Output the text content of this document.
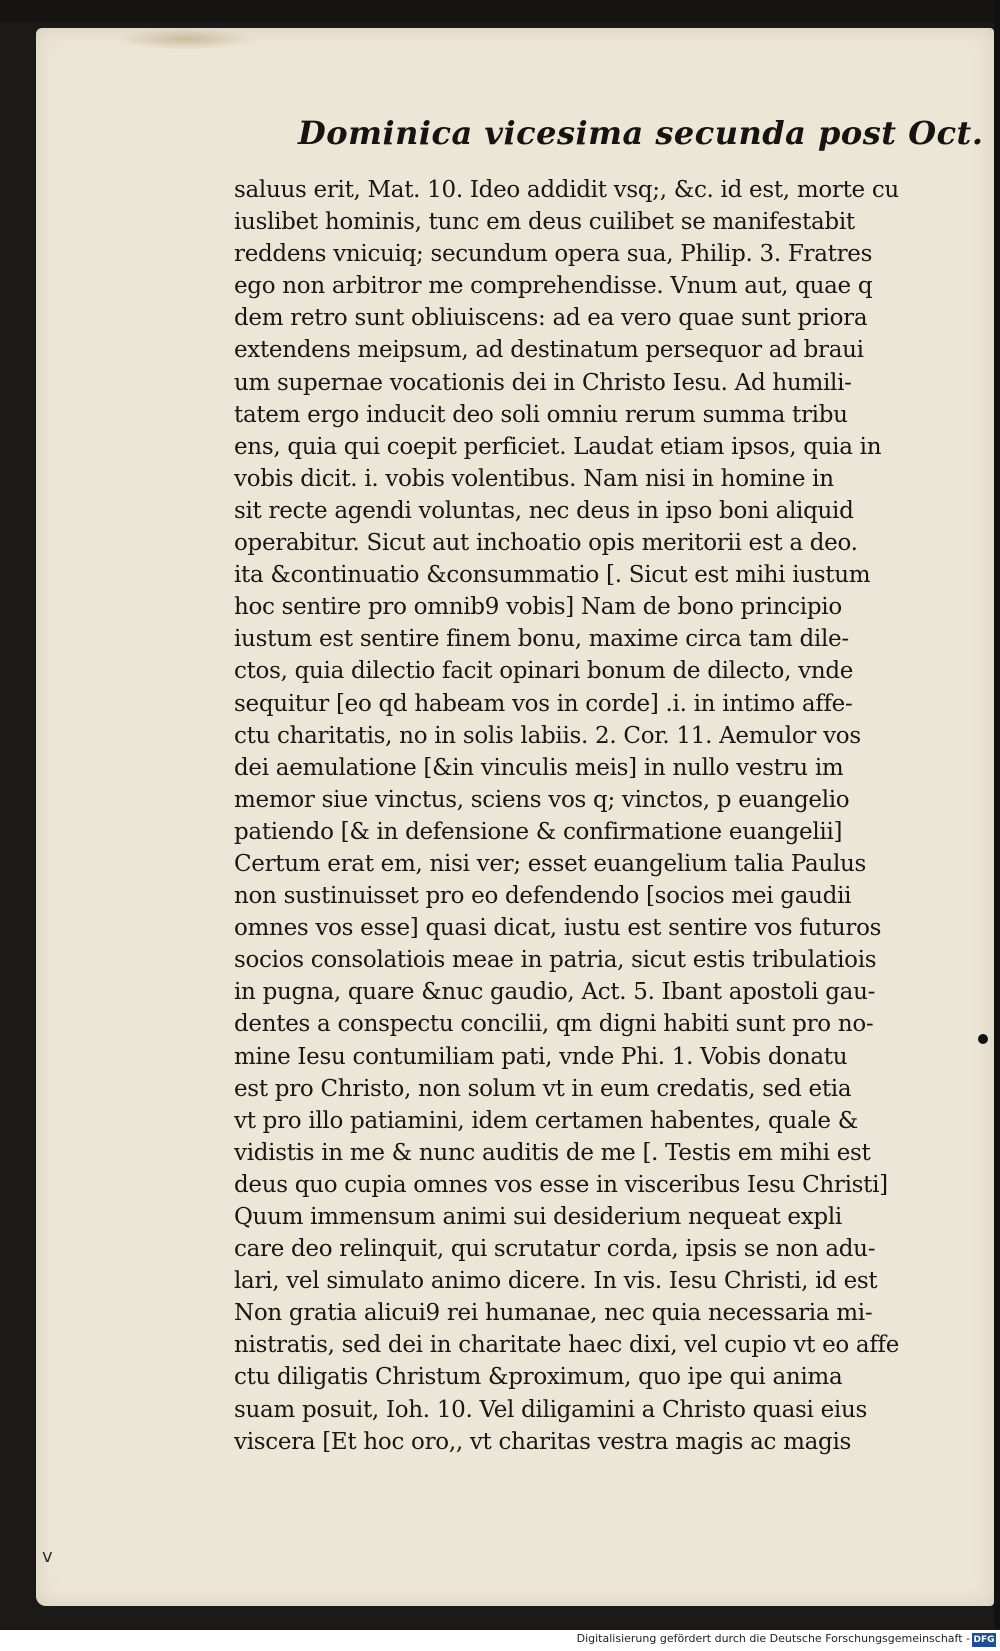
Dominica vicesima secunda post Oct.
saluus erit, Mat. 10. Ideo addidit vsq;, &c. id est, morte cu
iuslibet hominis, tunc em deus cuilibet se manifestabit
reddens vnicuiq; secundum opera sua, Philip. 3. Fratres
ego non arbitror me comprehendisse. Vnum aut, quae q
dem retro sunt obliuiscens: ad ea vero quae sunt priora
extendens meipsum, ad destinatum persequor ad braui
um supernae vocationis dei in Christo Iesu. Ad humili-
tatem ergo inducit deo soli omniu rerum summa tribu
ens, quia qui coepit perficiet. Laudat etiam ipsos, quia in
vobis dicit. i. vobis volentibus. Nam nisi in homine in
sit recte agendi voluntas, nec deus in ipso boni aliquid
operabitur. Sicut aut inchoatio opis meritorii est a deo.
ita &continuatio &consummatio [. Sicut est mihi iustum
hoc sentire pro omnib9 vobis] Nam de bono principio
iustum est sentire finem bonu, maxime circa tam dile-
ctos, quia dilectio facit opinari bonum de dilecto, vnde
sequitur [eo qd habeam vos in corde] .i. in intimo affe-
ctu charitatis, no in solis labiis. 2. Cor. 11. Aemulor vos
dei aemulatione [&in vinculis meis] in nullo vestru im
memor siue vinctus, sciens vos q; vinctos, p euangelio
patiendo [& in defensione & confirmatione euangelii]
Certum erat em, nisi ver; esset euangelium talia Paulus
non sustinuisset pro eo defendendo [socios mei gaudii
omnes vos esse] quasi dicat, iustu est sentire vos futuros
socios consolatiois meae in patria, sicut estis tribulatiois
in pugna, quare &nuc gaudio, Act. 5. Ibant apostoli gau-
dentes a conspectu concilii, qm digni habiti sunt pro no-
mine Iesu contumiliam pati, vnde Phi. 1. Vobis donatu
est pro Christo, non solum vt in eum credatis, sed etia
vt pro illo patiamini, idem certamen habentes, quale &
vidistis in me & nunc auditis de me [. Testis em mihi est
deus quo cupia omnes vos esse in visceribus Iesu Christi]
Quum immensum animi sui desiderium nequeat expli
care deo relinquit, qui scrutatur corda, ipsis se non adu-
lari, vel simulato animo dicere. In vis. Iesu Christi, id est
Non gratia alicui9 rei humanae, nec quia necessaria mi-
nistratis, sed dei in charitate haec dixi, vel cupio vt eo affe
ctu diligatis Christum &proximum, quo ipe qui anima
suam posuit, Ioh. 10. Vel diligamini a Christo quasi eius
viscera [Et hoc oro,, vt charitas vestra magis ac magis
v
Digitalisierung gefördert durch die Deutsche Forschungsgemeinschaft - DFG
